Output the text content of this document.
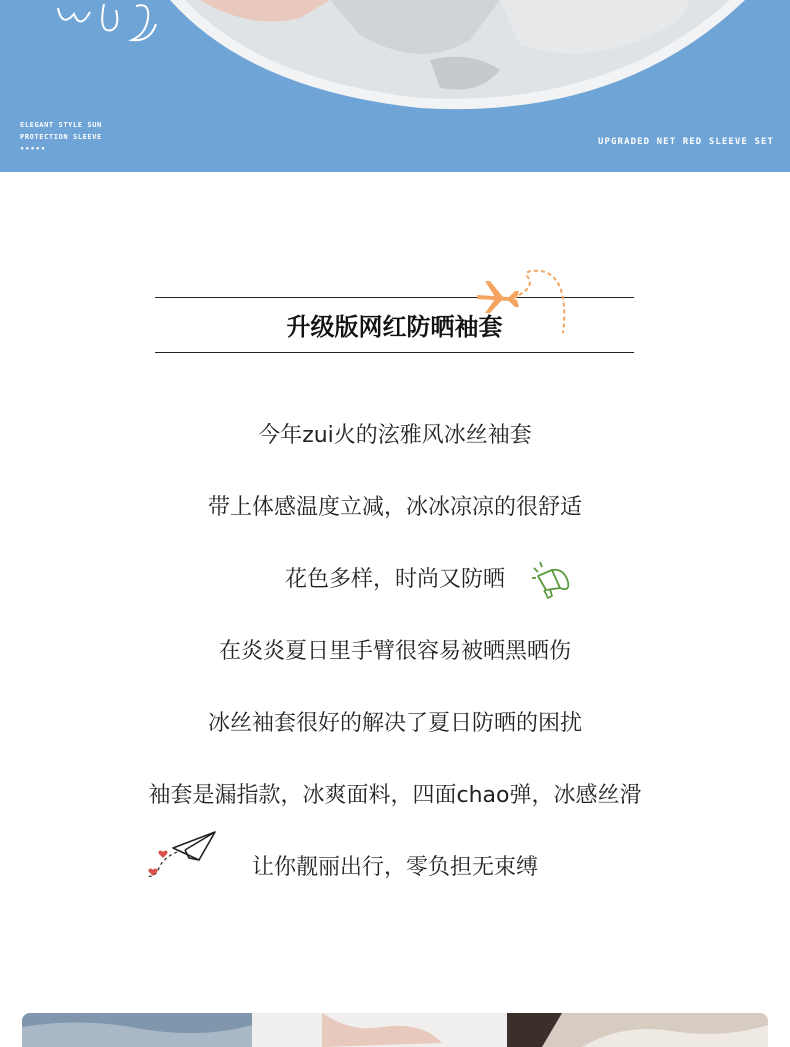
ELEGANT STYLE SUN
PROTECTION SLEEVE
•••••
UPGRADED NET RED SLEEVE SET
升级版网红防晒袖套
今年zui火的泫雅风冰丝袖套
带上体感温度立减，冰冰凉凉的很舒适
花色多样，时尚又防晒
在炎炎夏日里手臂很容易被晒黑晒伤
冰丝袖套很好的解决了夏日防晒的困扰
袖套是漏指款，冰爽面料，四面chao弹，冰感丝滑
让你靓丽出行，零负担无束缚
